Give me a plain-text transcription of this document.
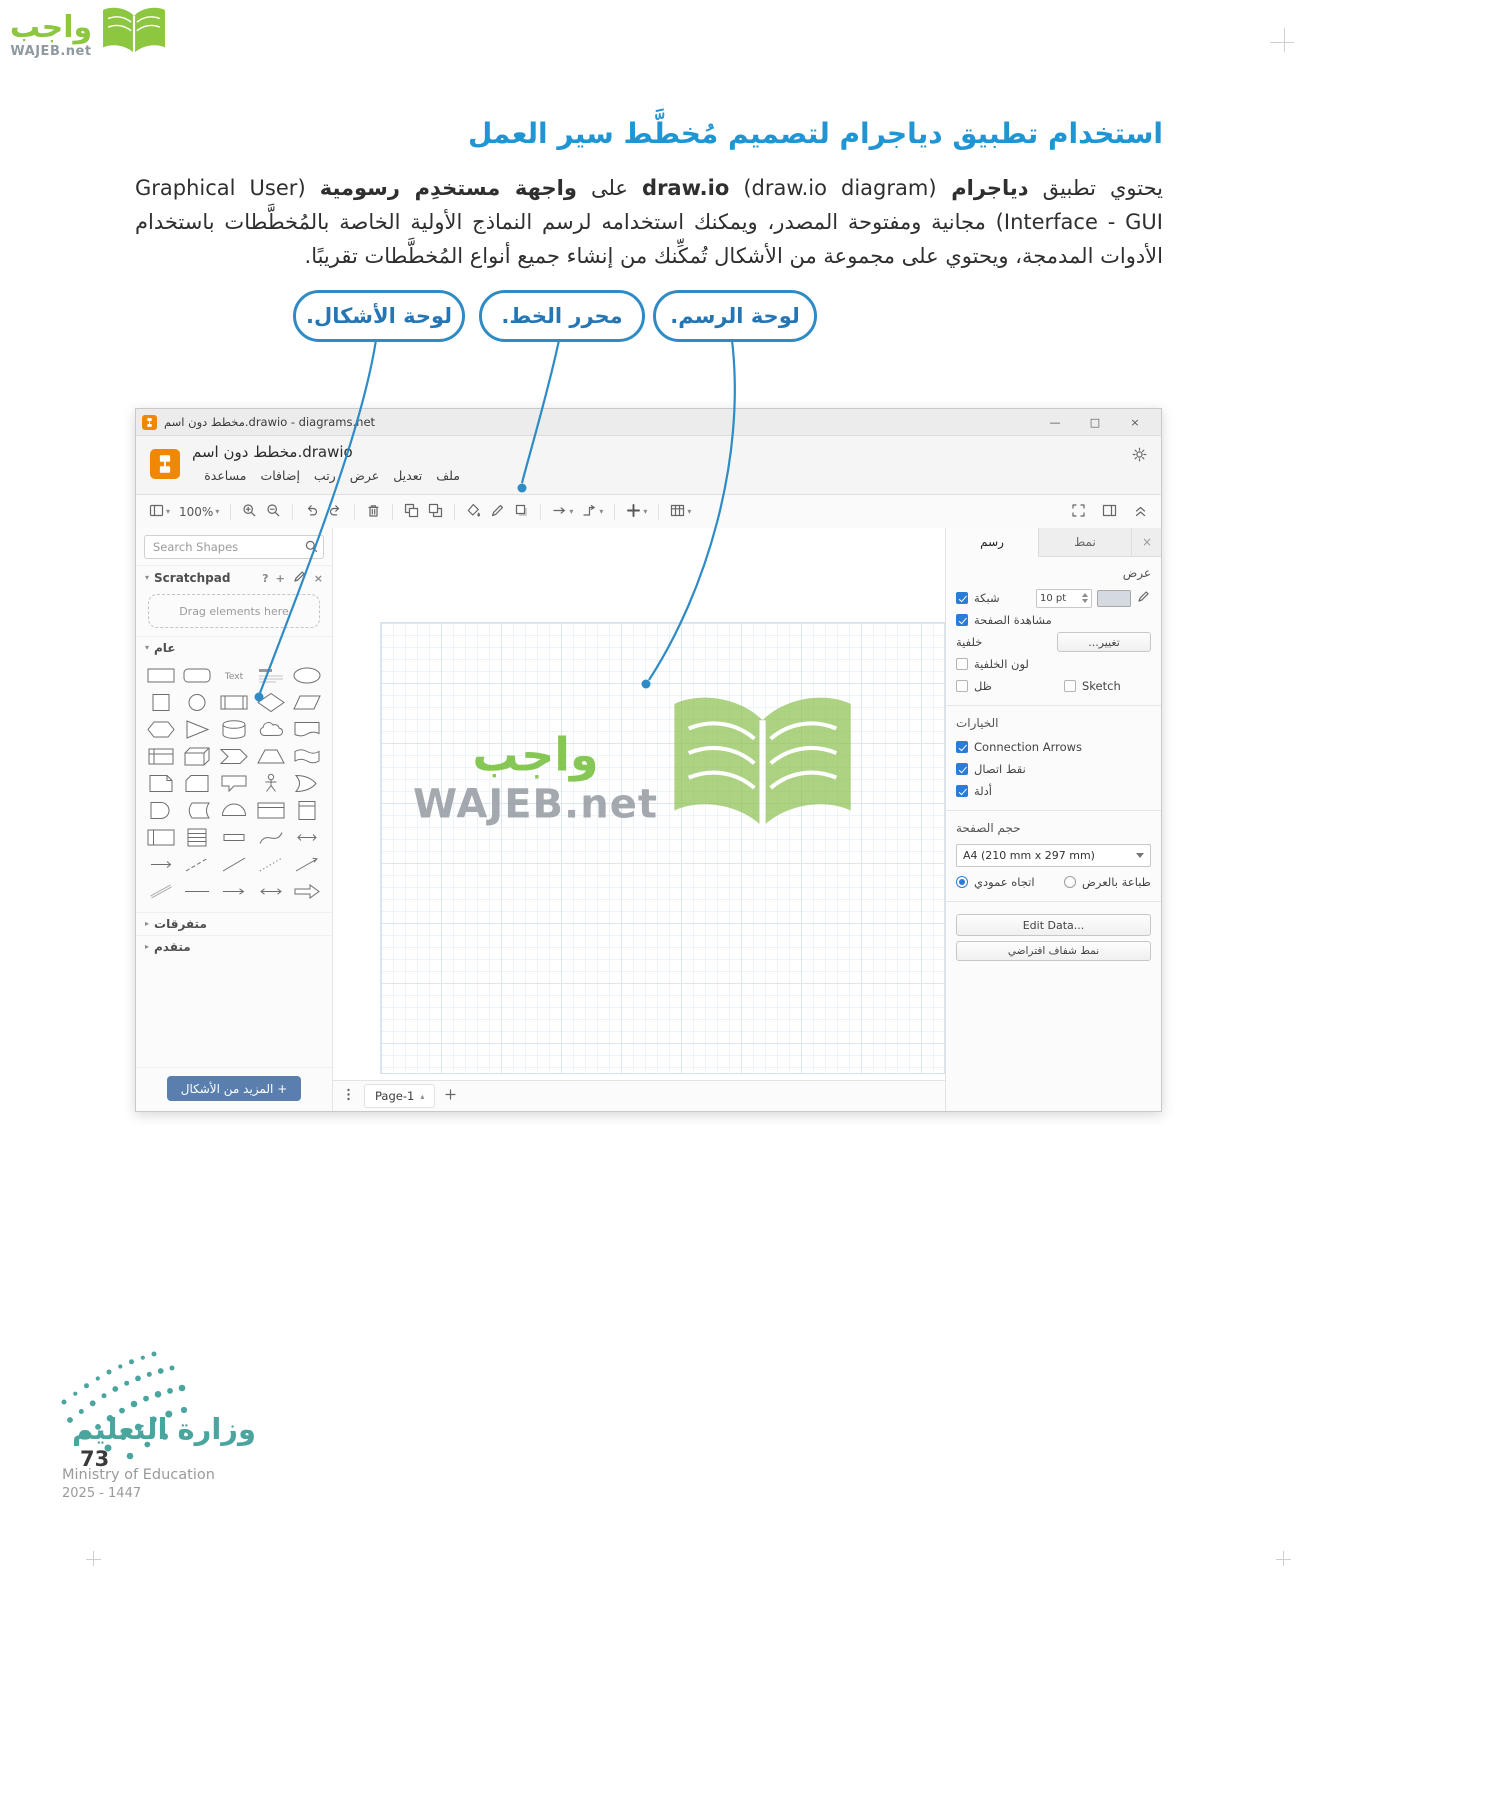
واجب
WAJEB.net
استخدام تطبيق دياجرام لتصميم مُخطَّط سير العمل

يحتوي تطبيق دياجرام draw.io (draw.io diagram) على واجهة مستخدِم رسومية (Graphical User Interface - GUI) مجانية ومفتوحة المصدر، ويمكنك استخدامه لرسم النماذج الأولية الخاصة بالمُخطَّطات باستخدام الأدوات المدمجة، ويحتوي على مجموعة من الأشكال تُمكِّنك من إنشاء جميع أنواع المُخطَّطات تقريبًا.

لوحة الأشكال.	محرر الخط.	لوحة الرسم.
مخطط دون اسم.drawio - diagrams.net	—	□	×
مخطط دون اسم.drawio
ملف
تعديل
عرض
رتب
إضافات
مساعدة
▾ 100% ▾	▾	▾	▾	▾
Search Shapes
▾ Scratchpad	? +	×
Drag elements here
▾ عام
Text
▸ متفرقات
▸ متقدم
المزيد من الأشكال +
واجب
WAJEB.net
Page-1 ▴
رسم	نمط	×
عرض
شبكة	10 pt
مشاهدة الصفحة
خلفية	تغيير...
لون الخلفية
ظل	Sketch
الخيارات
Connection Arrows
نقط اتصال
أدلة
حجم الصفحة
A4 (210 mm x 297 mm)
اتجاه عمودي	طباعة بالعرض
Edit Data...
نمط شفاف افتراضي
وزارة التعليم
73
Ministry of Education
2025 - 1447
